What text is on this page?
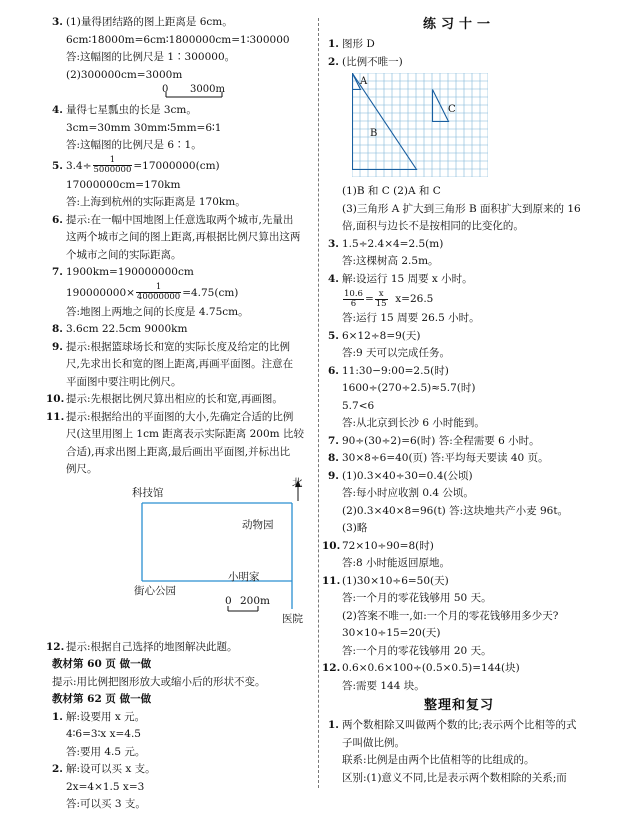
3. (1)量得团结路的图上距离是 6cm。
6cm∶18000m=6cm∶1800000cm=1∶300000
答:这幅图的比例尺是 1∶300000。
(2)300000cm=3000m
0 3000m
4. 量得七星瓢虫的长是 3cm。
3cm=30mm 30mm∶5mm=6∶1
答:这幅图的比例尺是 6∶1。
5. $3.4\div \frac{1}{5000000} =17000000(cm)$
17000000cm=170km
答:上海到杭州的实际距离是 170km。
6. 提示:在一幅中国地图上任意选取两个城市,先量出
这两个城市之间的图上距离,再根据比例尺算出这两
个城市之间的实际距离。
7. 1900km=190000000cm
$190000000\times \frac{1}{40000000} =4.75(cm)$
答:地图上两地之间的长度是 4.75cm。
8. 3.6cm 22.5cm 9000km
9. 提示:根据篮球场长和宽的实际长度及给定的比例
尺,先求出长和宽的图上距离,再画平面图。注意在
平面图中要注明比例尺。
10. 提示:先根据比例尺算出相应的长和宽,再画图。
11. 提示:根据给出的平面图的大小,先确定合适的比例
尺(这里用图上 1cm 距离表示实际距离 200m 比较
合适),再求出图上距离,最后画出平面图,并标出比
例尺。
北
科技馆
动物园
街心公园
小明家
医院
0 200m
12. 提示:根据自己选择的地图解决此题。
教材第 60 页 做一做
提示:用比例把图形放大或缩小后的形状不变。
教材第 62 页 做一做
1. 解:设要用 x 元。
4∶6=3∶x x=4.5
答:要用 4.5 元。
2. 解:设可以买 x 支。
2x=4×1.5 x=3
答:可以买 3 支。
练习十一
1. 图形 D
2. (比例不唯一)
A
B
C
(1)B 和 C (2)A 和 C
(3)三角形 A 扩大到三角形 B 面积扩大到原来的 16
倍,面积与边长不是按相同的比变化的。
3. 1.5÷2.4×4=2.5(m)
答:这棵树高 2.5m。
4. 解:设运行 15 周要 x 小时。
$\frac{10.6}{6} = \frac{x}{15} x=26.5$
答:运行 15 周要 26.5 小时。
5. 6×12÷8=9(天)
答:9 天可以完成任务。
6. 11:30−9:00=2.5(时)
1600÷(270÷2.5)≈5.7(时)
5.7<6
答:从北京到长沙 6 小时能到。
7. 90÷(30÷2)=6(时) 答:全程需要 6 小时。
8. 30×8÷6=40(页) 答:平均每天要读 40 页。
9. (1)0.3×40÷30=0.4(公顷)
答:每小时应收割 0.4 公顷。
(2)0.3×40×8=96(t) 答:这块地共产小麦 96t。
(3)略
10. 72×10÷90=8(时)
答:8 小时能返回原地。
11. (1)30×10÷6=50(天)
答:一个月的零花钱够用 50 天。
(2)答案不唯一,如:一个月的零花钱够用多少天?
30×10÷15=20(天)
答:一个月的零花钱够用 20 天。
12. 0.6×0.6×100÷(0.5×0.5)=144(块)
答:需要 144 块。
整理和复习
1. 两个数相除又叫做两个数的比;表示两个比相等的式
子叫做比例。
联系:比例是由两个比值相等的比组成的。
区别:(1)意义不同,比是表示两个数相除的关系;而
